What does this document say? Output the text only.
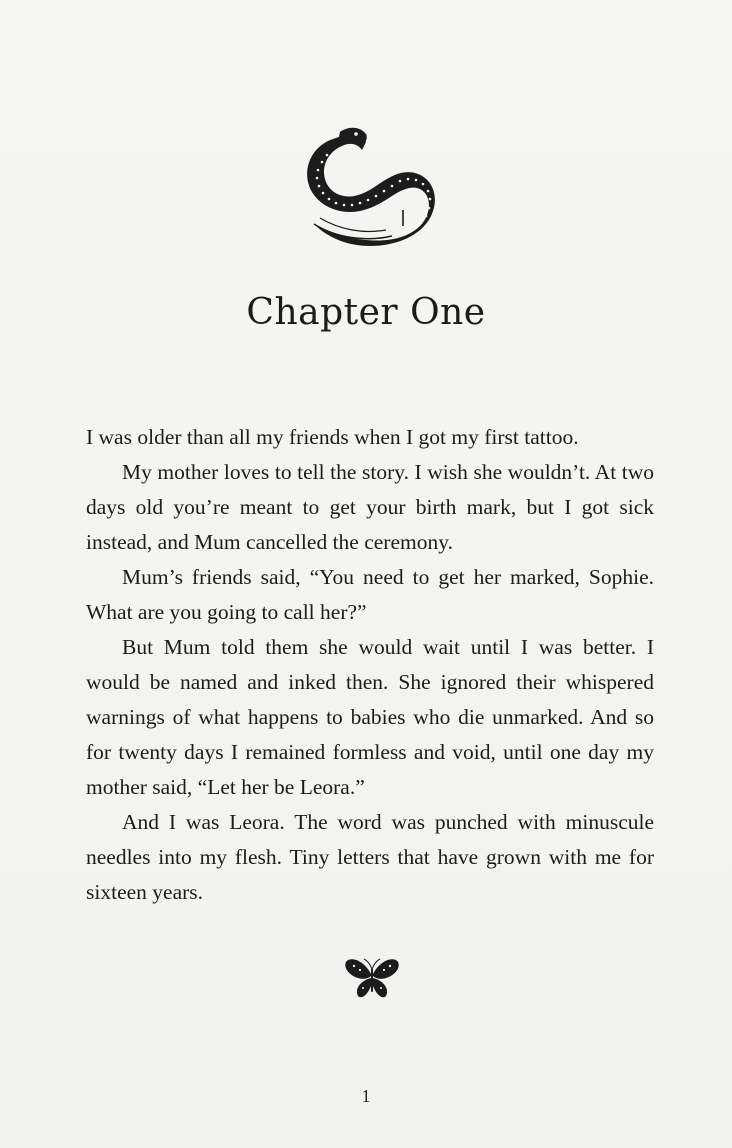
Chapter One

I was older than all my friends when I got my first tattoo.

My mother loves to tell the story. I wish she wouldn’t. At two days old you’re meant to get your birth mark, but I got sick instead, and Mum cancelled the ceremony.

Mum’s friends said, “You need to get her marked, Sophie. What are you going to call her?”

But Mum told them she would wait until I was better. I would be named and inked then. She ignored their whispered warnings of what happens to babies who die unmarked. And so for twenty days I remained formless and void, until one day my mother said, “Let her be Leora.”

And I was Leora. The word was punched with minuscule needles into my flesh. Tiny letters that have grown with me for sixteen years.

1
